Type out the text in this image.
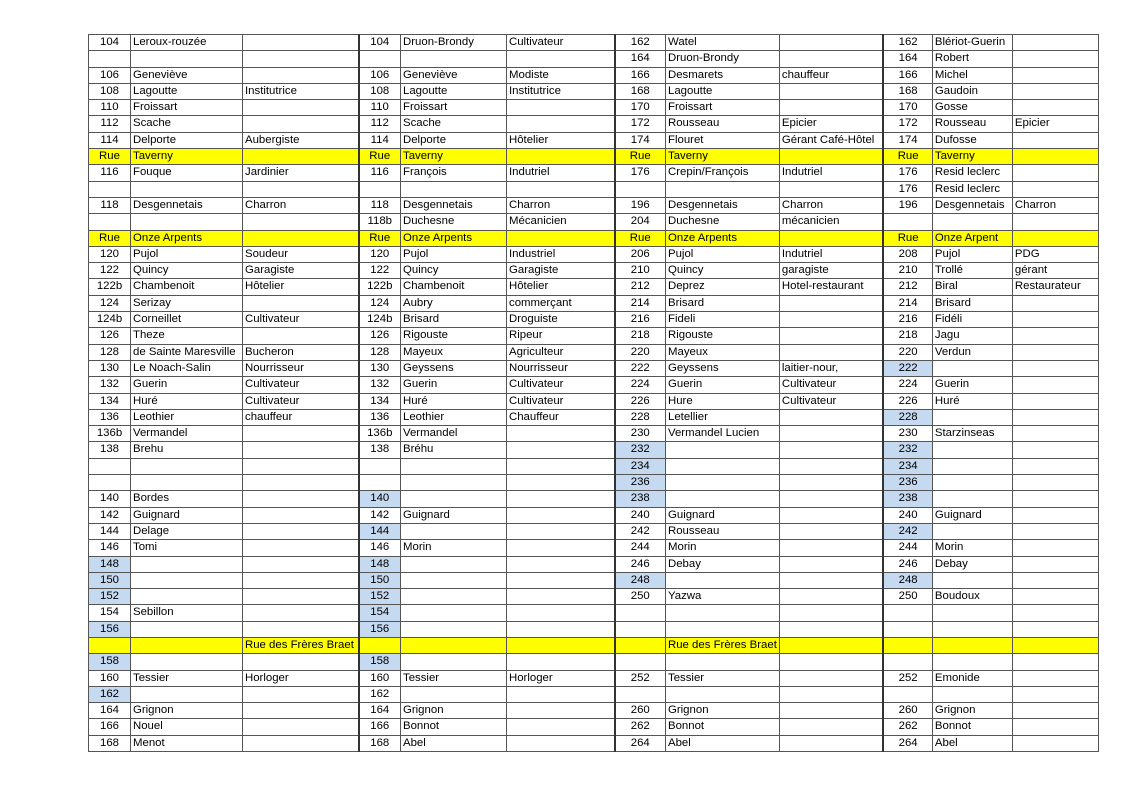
104	Leroux-rouzée		104	Druon-Brondy	Cultivateur	162	Watel		162	Blériot-Guerin	
						164	Druon-Brondy		164	Robert	
106	Geneviève		106	Geneviève	Modiste	166	Desmarets	chauffeur	166	Michel	
108	Lagoutte	Institutrice	108	Lagoutte	Institutrice	168	Lagoutte		168	Gaudoin	
110	Froissart		110	Froissart		170	Froissart		170	Gosse	
112	Scache		112	Scache		172	Rousseau	Epicier	172	Rousseau	Epicier
114	Delporte	Aubergiste	114	Delporte	Hôtelier	174	Flouret	Gérant Café-Hôtel	174	Dufosse	
Rue	Taverny		Rue	Taverny		Rue	Taverny		Rue	Taverny	
116	Fouque	Jardinier	116	François	Indutriel	176	Crepin/François	Indutriel	176	Resid leclerc	
									176	Resid leclerc	
118	Desgennetais	Charron	118	Desgennetais	Charron	196	Desgennetais	Charron	196	Desgennetais	Charron
			118b	Duchesne	Mécanicien	204	Duchesne	mécanicien			
Rue	Onze Arpents		Rue	Onze Arpents		Rue	Onze Arpents		Rue	Onze Arpent	
120	Pujol	Soudeur	120	Pujol	Industriel	206	Pujol	Indutriel	208	Pujol	PDG
122	Quincy	Garagiste	122	Quincy	Garagiste	210	Quincy	garagiste	210	Trollé	gérant
122b	Chambenoit	Hôtelier	122b	Chambenoit	Hôtelier	212	Deprez	Hotel-restaurant	212	Biral	Restaurateur
124	Serizay		124	Aubry	commerçant	214	Brisard		214	Brisard	
124b	Corneillet	Cultivateur	124b	Brisard	Droguiste	216	Fideli		216	Fidéli	
126	Theze		126	Rigouste	Ripeur	218	Rigouste		218	Jagu	
128	de Sainte Maresville	Bucheron	128	Mayeux	Agriculteur	220	Mayeux		220	Verdun	
130	Le Noach-Salin	Nourrisseur	130	Geyssens	Nourrisseur	222	Geyssens	laitier-nour,	222		
132	Guerin	Cultivateur	132	Guerin	Cultivateur	224	Guerin	Cultivateur	224	Guerin	
134	Huré	Cultivateur	134	Huré	Cultivateur	226	Hure	Cultivateur	226	Huré	
136	Leothier	chauffeur	136	Leothier	Chauffeur	228	Letellier		228		
136b	Vermandel		136b	Vermandel		230	Vermandel Lucien		230	Starzinseas	
138	Brehu		138	Bréhu		232			232		
						234			234		
						236			236		
140	Bordes		140			238			238		
142	Guignard		142	Guignard		240	Guignard		240	Guignard	
144	Delage		144			242	Rousseau		242		
146	Tomi		146	Morin		244	Morin		244	Morin	
148			148			246	Debay		246	Debay	
150			150			248			248		
152			152			250	Yazwa		250	Boudoux	
154	Sebillon		154								
156			156								
		Rue des Frères Braet					Rue des Frères Braet				
158			158								
160	Tessier	Horloger	160	Tessier	Horloger	252	Tessier		252	Emonide	
162			162								
164	Grignon		164	Grignon		260	Grignon		260	Grignon	
166	Nouel		166	Bonnot		262	Bonnot		262	Bonnot	
168	Menot		168	Abel		264	Abel		264	Abel	
